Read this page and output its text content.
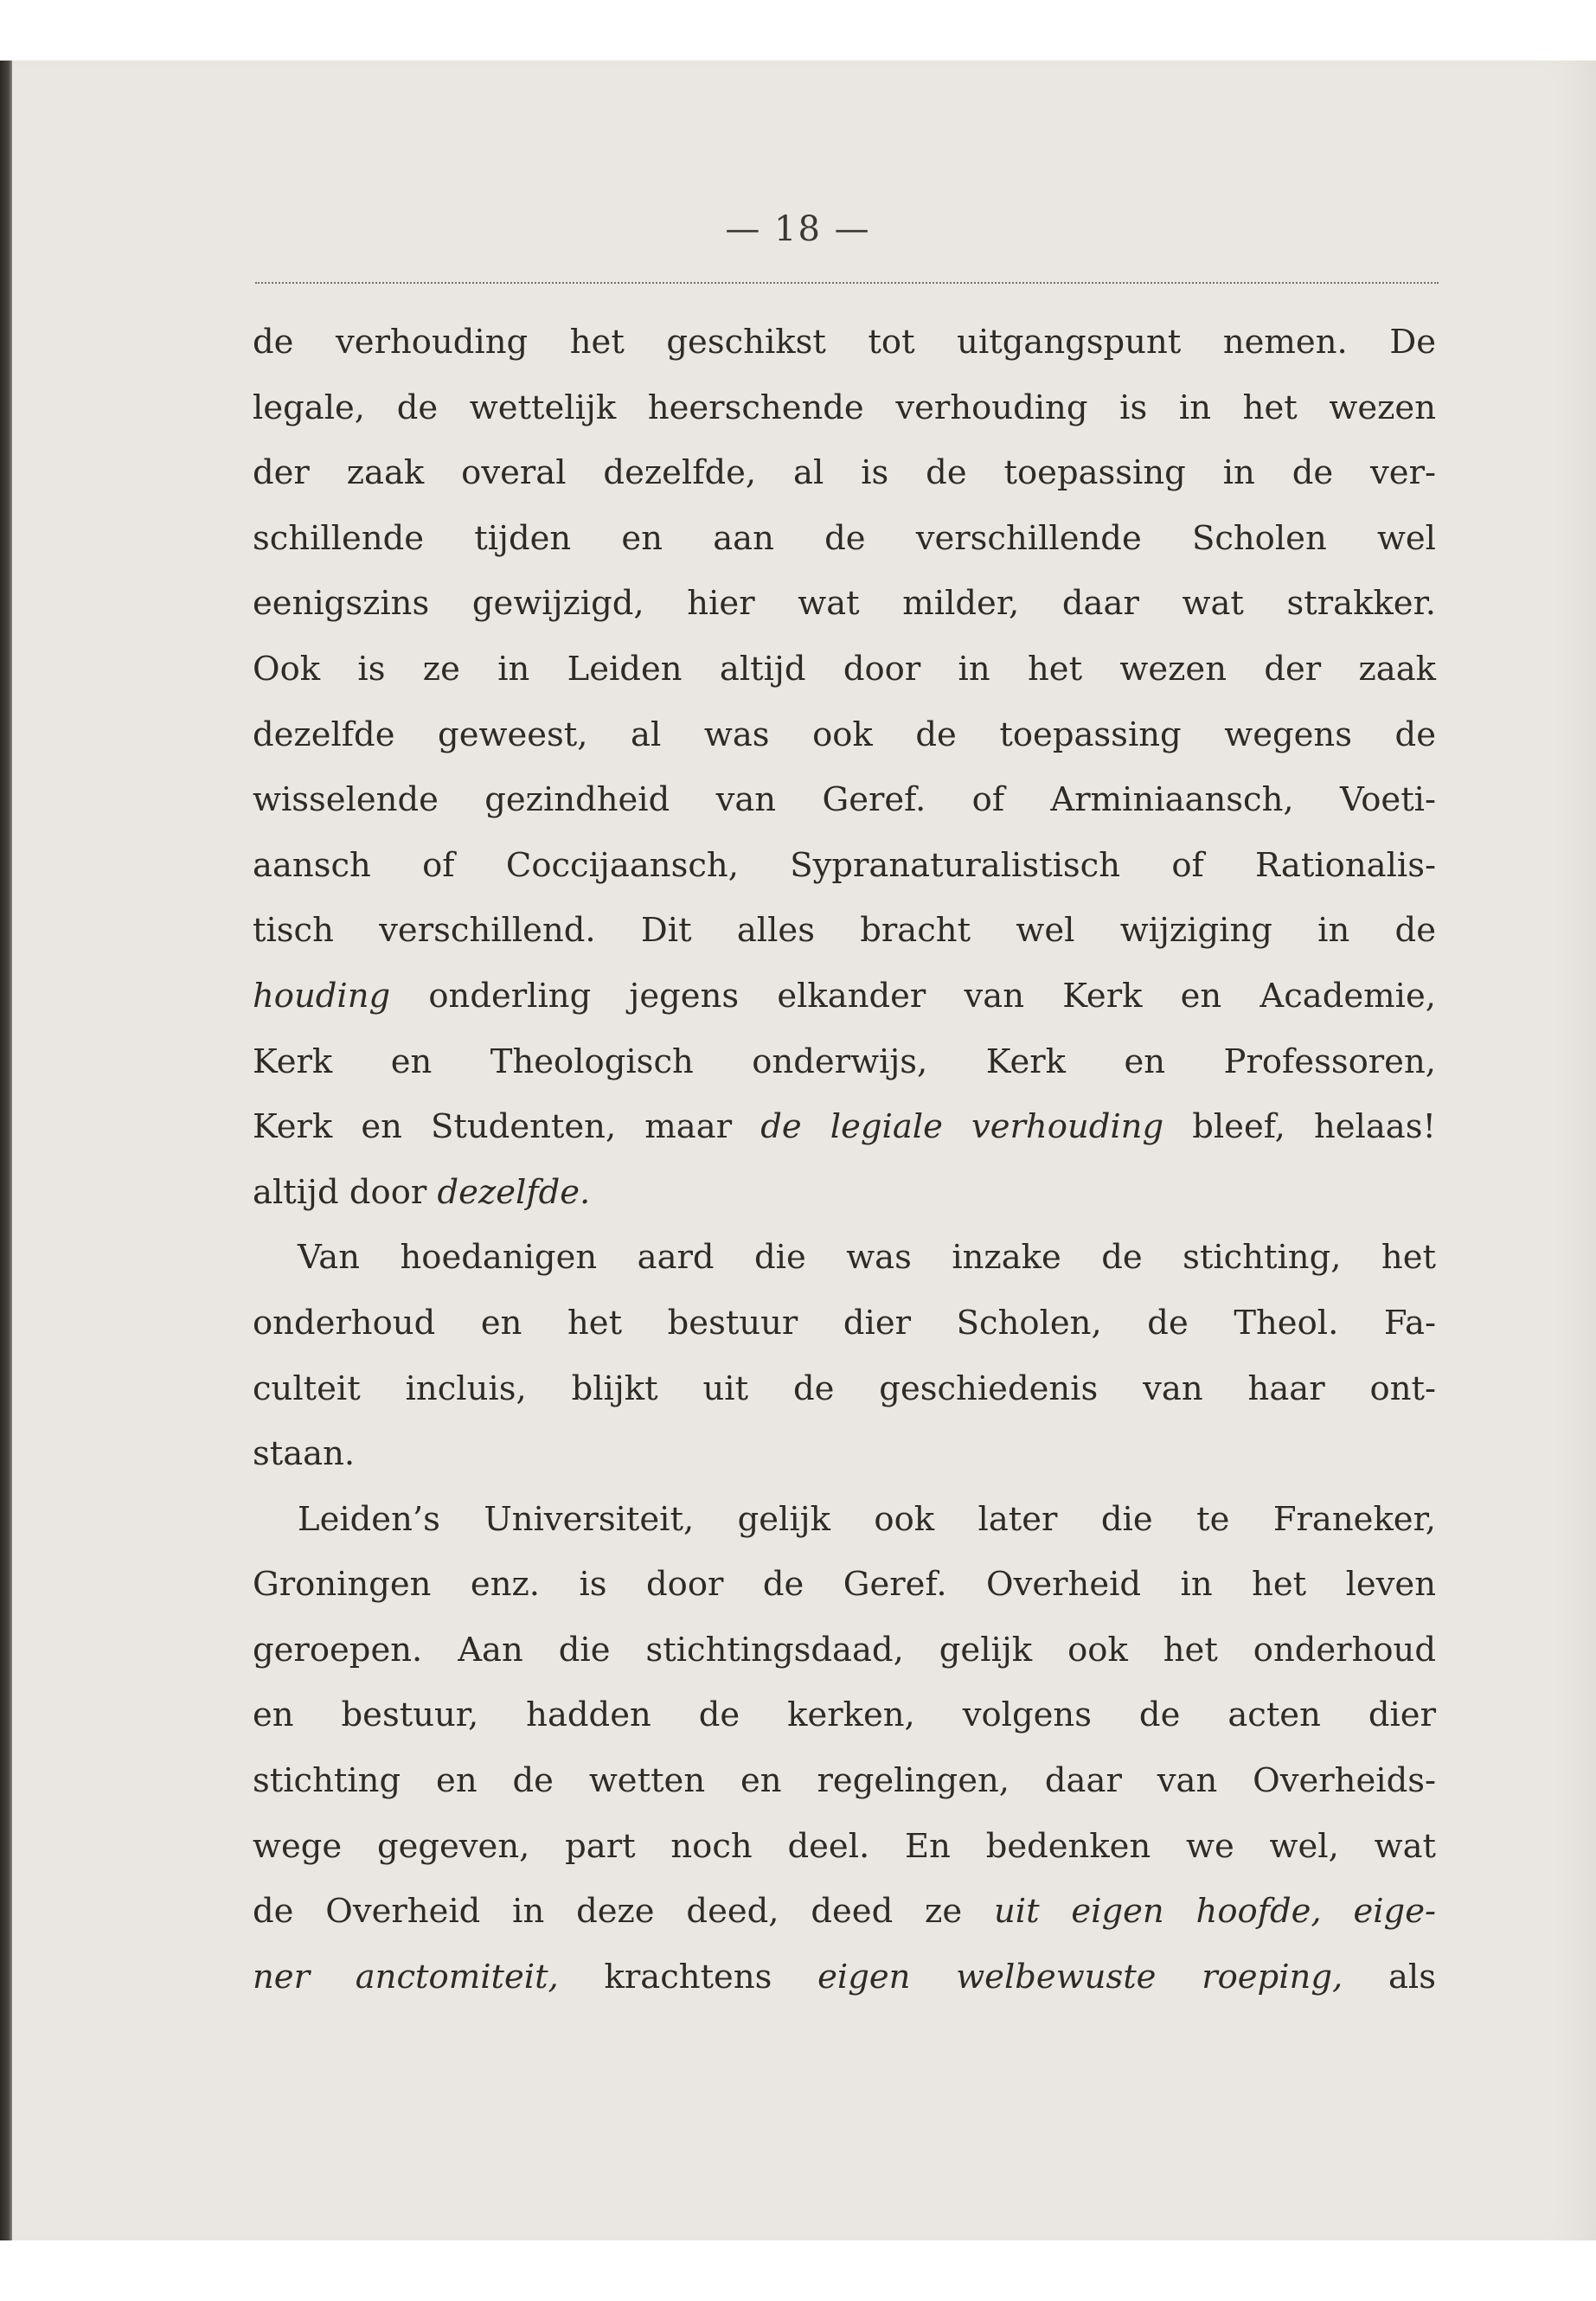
— 18 —
de verhouding het geschikst tot uitgangspunt nemen. De
legale, de wettelijk heerschende verhouding is in het wezen
der zaak overal dezelfde, al is de toepassing in de ver-
schillende tijden en aan de verschillende Scholen wel
eenigszins gewijzigd, hier wat milder, daar wat strakker.
Ook is ze in Leiden altijd door in het wezen der zaak
dezelfde geweest, al was ook de toepassing wegens de
wisselende gezindheid van Geref. of Arminiaansch, Voeti-
aansch of Coccijaansch, Sypranaturalistisch of Rationalis-
tisch verschillend. Dit alles bracht wel wijziging in de
houding onderling jegens elkander van Kerk en Academie,
Kerk en Theologisch onderwijs, Kerk en Professoren,
Kerk en Studenten, maar de legiale verhouding bleef, helaas!
altijd door dezelfde.
Van hoedanigen aard die was inzake de stichting, het
onderhoud en het bestuur dier Scholen, de Theol. Fa-
culteit incluis, blijkt uit de geschiedenis van haar ont-
staan.
Leiden’s Universiteit, gelijk ook later die te Franeker,
Groningen enz. is door de Geref. Overheid in het leven
geroepen. Aan die stichtingsdaad, gelijk ook het onderhoud
en bestuur, hadden de kerken, volgens de acten dier
stichting en de wetten en regelingen, daar van Overheids-
wege gegeven, part noch deel. En bedenken we wel, wat
de Overheid in deze deed, deed ze uit eigen hoofde, eige-
ner anctomiteit, krachtens eigen welbewuste roeping, als
